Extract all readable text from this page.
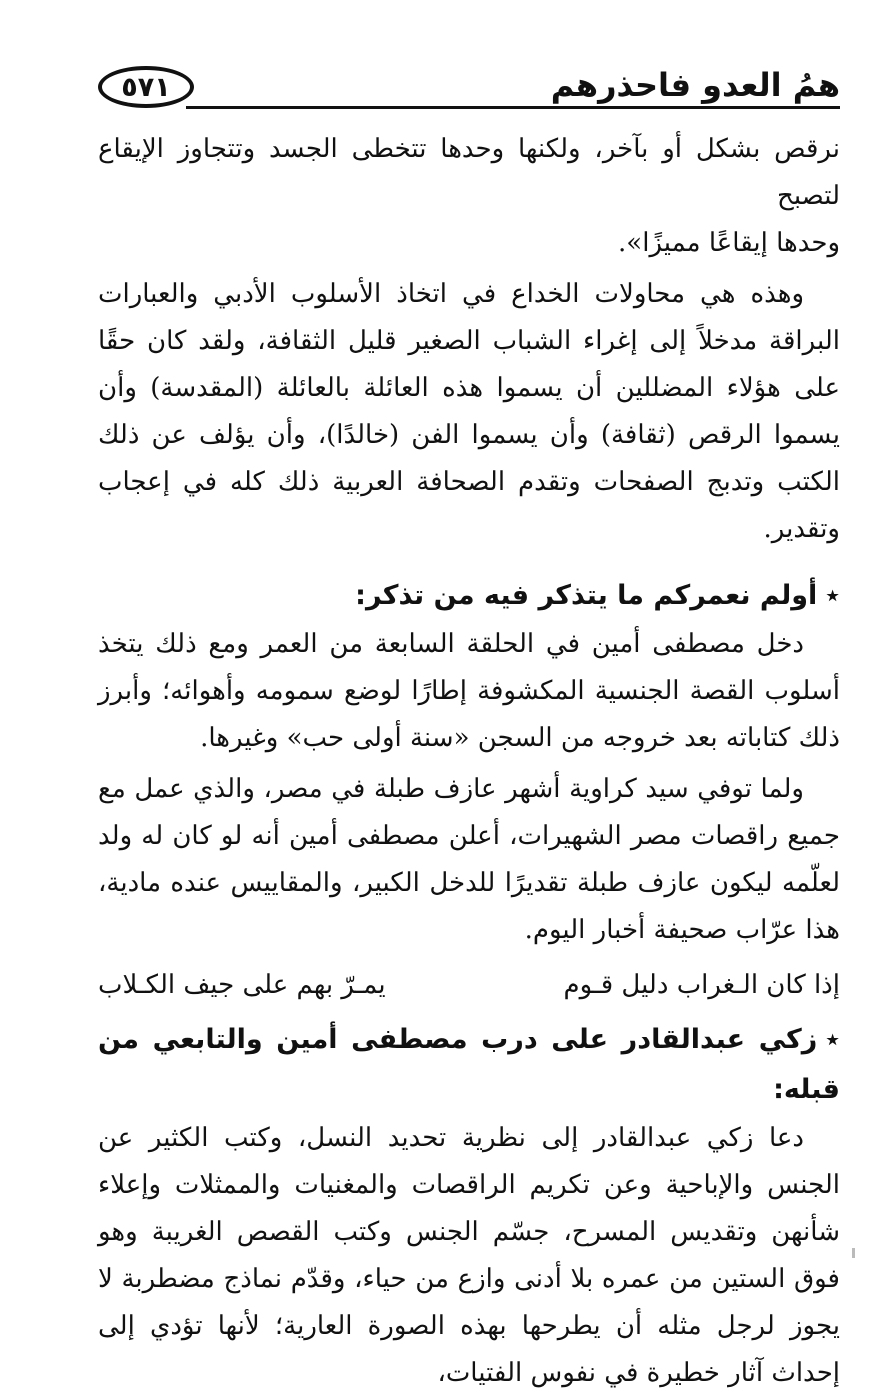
٥٧١	همُ العدو فاحذرهم

نرقص بشكل أو بآخر، ولكنها وحدها تتخطى الجسد وتتجاوز الإيقاع لتصبح

وحدها إيقاعًا مميزًا».

وهذه هي محاولات الخداع في اتخاذ الأسلوب الأدبي والعبارات البراقة مدخلاً إلى إغراء الشباب الصغير قليل الثقافة، ولقد كان حقًا على هؤلاء المضللين أن يسموا هذه العائلة بالعائلة (المقدسة) وأن يسموا الرقص (ثقافة) وأن يسموا الفن (خالدًا)، وأن يؤلف عن ذلك الكتب وتدبج الصفحات وتقدم الصحافة العربية ذلك كله في إعجاب وتقدير.

٭أولم نعمركم ما يتذكر فيه من تذكر:

دخل مصطفى أمين في الحلقة السابعة من العمر ومع ذلك يتخذ أسلوب القصة الجنسية المكشوفة إطارًا لوضع سمومه وأهوائه؛ وأبرز ذلك كتاباته بعد خروجه من السجن «سنة أولى حب» وغيرها.

ولما توفي سيد كراوية أشهر عازف طبلة في مصر، والذي عمل مع جميع راقصات مصر الشهيرات، أعلن مصطفى أمين أنه لو كان له ولد لعلّمه ليكون عازف طبلة تقديرًا للدخل الكبير، والمقاييس عنده مادية، هذا عرّاب صحيفة أخبار اليوم.

إذا كان الـغراب دليل قـوم
يمـرّ بهم على جيف الكـلاب

٭زكي عبدالقادر على درب مصطفى أمين والتابعي من قبله:

دعا زكي عبدالقادر إلى نظرية تحديد النسل، وكتب الكثير عن الجنس والإباحية وعن تكريم الراقصات والمغنيات والممثلات وإعلاء شأنهن وتقديس المسرح، جسّم الجنس وكتب القصص الغريبة وهو فوق الستين من عمره بلا أدنى وازع من حياء، وقدّم نماذج مضطربة لا يجوز لرجل مثله أن يطرحها بهذه الصورة العارية؛ لأنها تؤدي إلى إحداث آثار خطيرة في نفوس الفتيات،
